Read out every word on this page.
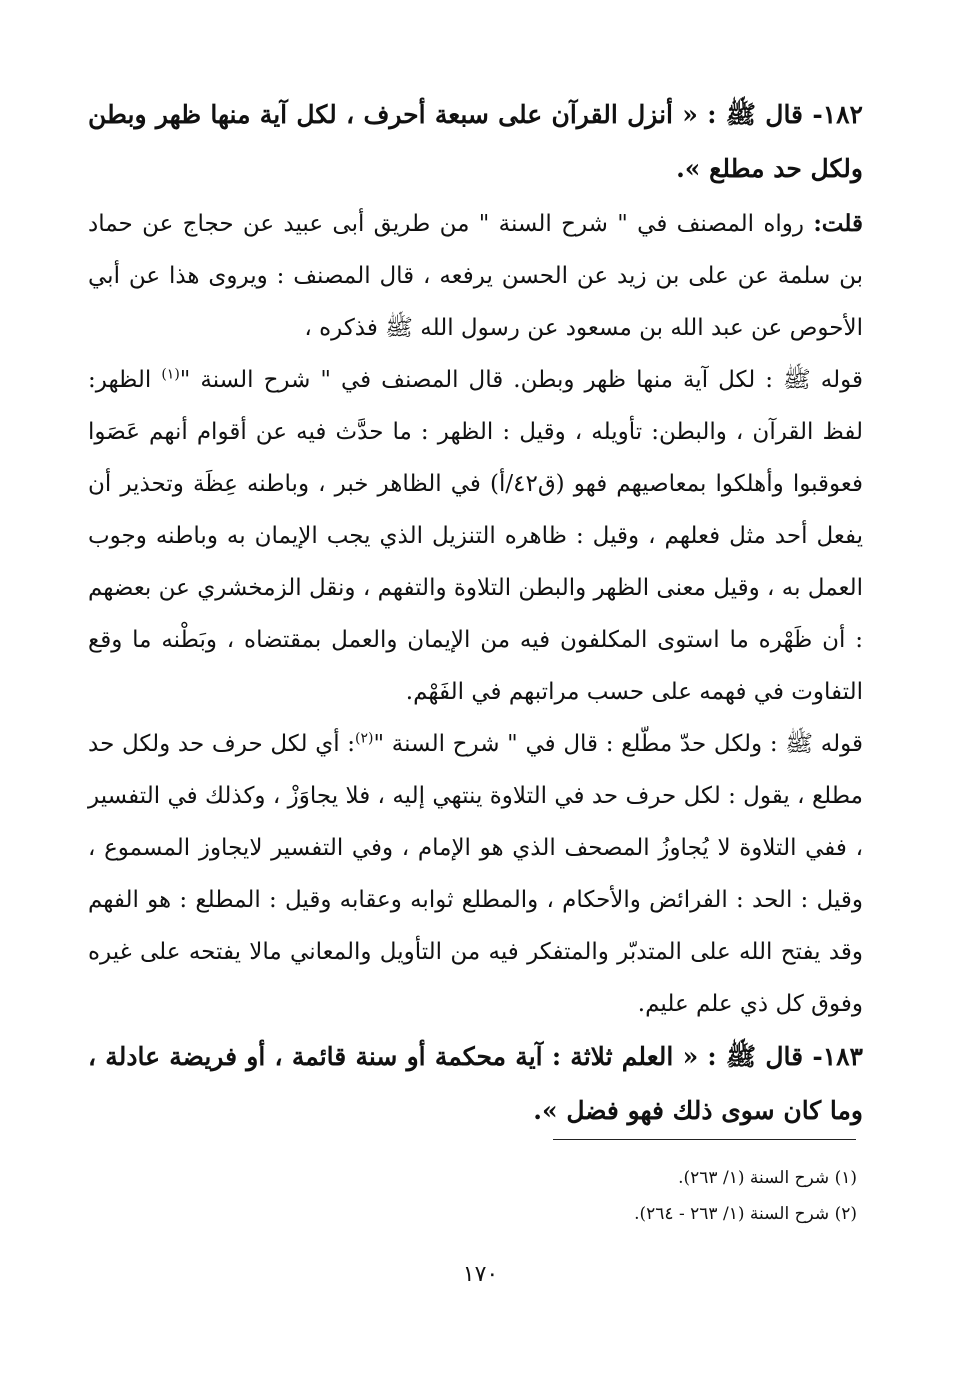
١٨٢- قال ﷺ : « أنزل القرآن على سبعة أحرف ، لكل آية منها ظهر وبطن ولكل حد مطلع ».

قلت: رواه المصنف في " شرح السنة " من طريق أبى عبيد عن حجاج عن حماد بن سلمة عن على بن زيد عن الحسن يرفعه ، قال المصنف : ويروى هذا عن أبي الأحوص عن عبد الله بن مسعود عن رسول الله ﷺ فذكره ،

قوله ﷺ : لكل آية منها ظهر وبطن. قال المصنف في " شرح السنة "$^{(١)}$ الظهر: لفظ القرآن ، والبطن: تأويله ، وقيل : الظهر : ما حدَّث فيه عن أقوام أنهم عَصَوا فعوقبوا وأهلكوا بمعاصيهم فهو (ق٤٢/أ) في الظاهر خبر ، وباطنه عِظَة وتحذير أن يفعل أحد مثل فعلهم ، وقيل : ظاهره التنزيل الذي يجب الإيمان به وباطنه وجوب العمل به ، وقيل معنى الظهر والبطن التلاوة والتفهم ، ونقل الزمخشري عن بعضهم : أن ظَهْره ما استوى المكلفون فيه من الإيمان والعمل بمقتضاه ، وبَطْنه ما وقع التفاوت في فهمه على حسب مراتبهم في الفَهْم.

قوله ﷺ : ولكل حدّ مطّلع : قال في " شرح السنة "$^{(٢)}$: أي لكل حرف حد ولكل حد مطلع ، يقول : لكل حرف حد في التلاوة ينتهي إليه ، فلا يجاوَزْ ، وكذلك في التفسير ، ففي التلاوة لا يُجاوزُ المصحف الذي هو الإمام ، وفي التفسير لايجاوز المسموع ، وقيل : الحد : الفرائض والأحكام ، والمطلع ثوابه وعقابه وقيل : المطلع : هو الفهم وقد يفتح الله على المتدبّر والمتفكر فيه من التأويل والمعاني مالا يفتحه على غيره وفوق كل ذي علم عليم.

١٨٣- قال ﷺ : « العلم ثلاثة : آية محكمة أو سنة قائمة ، أو فريضة عادلة ، وما كان سوى ذلك فهو فضل ».

(١) شرح السنة (١/ ٢٦٣).

(٢) شرح السنة (١/ ٢٦٣ - ٢٦٤).

١٧٠
